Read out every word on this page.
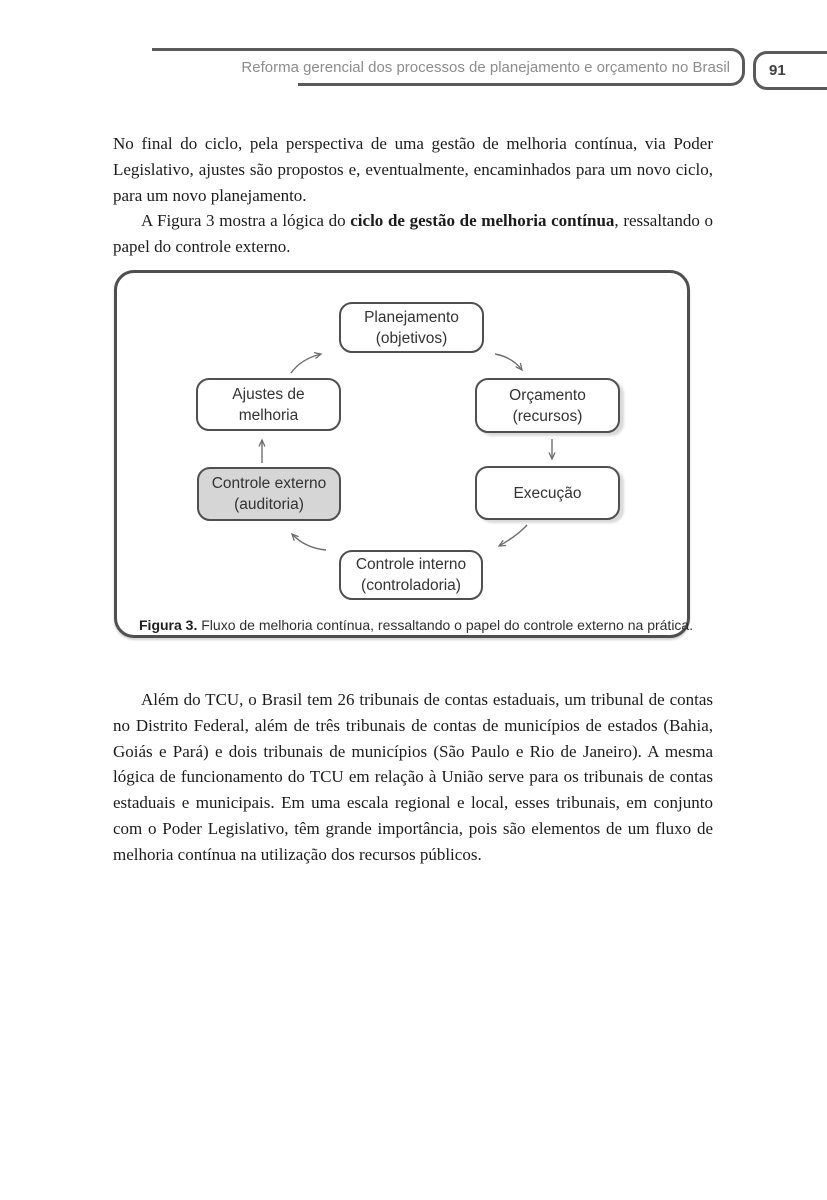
Reforma gerencial dos processos de planejamento e orçamento no Brasil	91

No final do ciclo, pela perspectiva de uma gestão de melhoria contínua, via Poder Legislativo, ajustes são propostos e, eventualmente, encaminhados para um novo ciclo, para um novo planejamento.

A Figura 3 mostra a lógica do ciclo de gestão de melhoria contínua, ressaltando o papel do controle externo.

Planejamento
(objetivos)
Orçamento
(recursos)
Execução
Controle interno
(controladoria)
Controle externo
(auditoria)
Ajustes de
melhoria
Figura 3. Fluxo de melhoria contínua, ressaltando o papel do controle externo na prática.

Além do TCU, o Brasil tem 26 tribunais de contas estaduais, um tribunal de contas no Distrito Federal, além de três tribunais de contas de municípios de estados (Bahia, Goiás e Pará) e dois tribunais de municípios (São Paulo e Rio de Janeiro). A mesma lógica de funcionamento do TCU em relação à União serve para os tribunais de contas estaduais e municipais. Em uma escala regional e local, esses tribunais, em conjunto com o Poder Legislativo, têm grande importância, pois são elementos de um fluxo de melhoria contínua na utilização dos recursos públicos.
